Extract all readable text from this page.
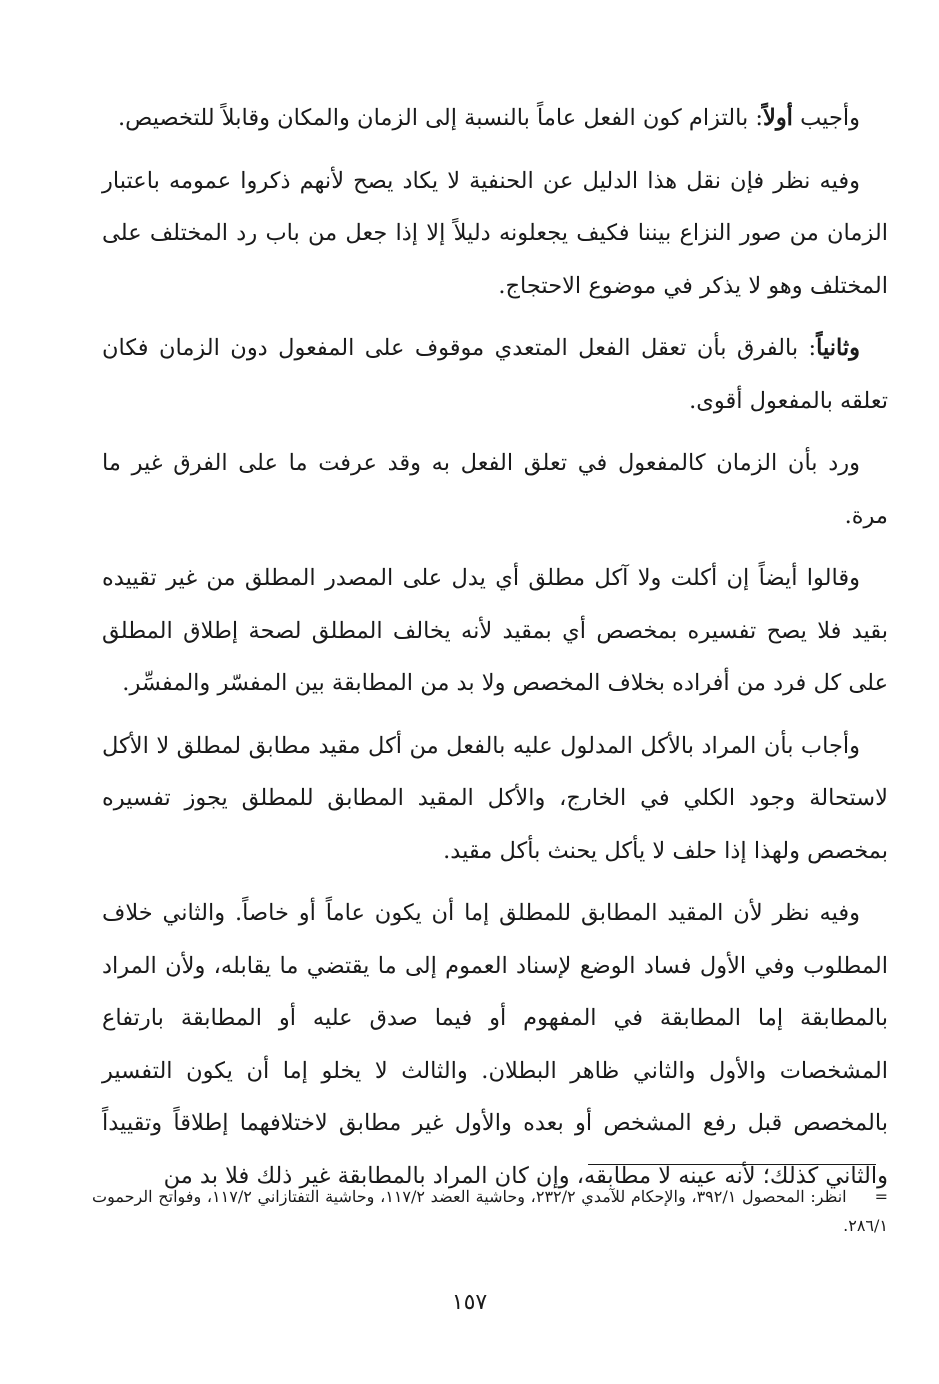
وأجيب أولاً: بالتزام كون الفعل عاماً بالنسبة إلى الزمان والمكان وقابلاً للتخصيص.

وفيه نظر فإن نقل هذا الدليل عن الحنفية لا يكاد يصح لأنهم ذكروا عمومه باعتبار الزمان من صور النزاع بيننا فكيف يجعلونه دليلاً إلا إذا جعل من باب رد المختلف على المختلف وهو لا يذكر في موضوع الاحتجاج.

وثانياً: بالفرق بأن تعقل الفعل المتعدي موقوف على المفعول دون الزمان فكان تعلقه بالمفعول أقوى.

ورد بأن الزمان كالمفعول في تعلق الفعل به وقد عرفت ما على الفرق غير ما مرة.

وقالوا أيضاً إن أكلت ولا آكل مطلق أي يدل على المصدر المطلق من غير تقييده بقيد فلا يصح تفسيره بمخصص أي بمقيد لأنه يخالف المطلق لصحة إطلاق المطلق على كل فرد من أفراده بخلاف المخصص ولا بد من المطابقة بين المفسّر والمفسِّر.

وأجاب بأن المراد بالأكل المدلول عليه بالفعل من أكل مقيد مطابق لمطلق لا الأكل لاستحالة وجود الكلي في الخارج، والأكل المقيد المطابق للمطلق يجوز تفسيره بمخصص ولهذا إذا حلف لا يأكل يحنث بأكل مقيد.

وفيه نظر لأن المقيد المطابق للمطلق إما أن يكون عاماً أو خاصاً. والثاني خلاف المطلوب وفي الأول فساد الوضع لإسناد العموم إلى ما يقتضي ما يقابله، ولأن المراد بالمطابقة إما المطابقة في المفهوم أو فيما صدق عليه أو المطابقة بارتفاع المشخصات والأول والثاني ظاهر البطلان. والثالث لا يخلو إما أن يكون التفسير بالمخصص قبل رفع المشخص أو بعده والأول غير مطابق لاختلافهما إطلاقاً وتقييداً والثاني كذلك؛ لأنه عينه لا مطابقه، وإن كان المراد بالمطابقة غير ذلك فلا بد من

=انظر: المحصول ٣٩٢/١، والإحكام للآمدي ٢٣٢/٢، وحاشية العضد ١١٧/٢، وحاشية التفتازاني ١١٧/٢، وفواتح الرحموت ٢٨٦/١.
١٥٧
